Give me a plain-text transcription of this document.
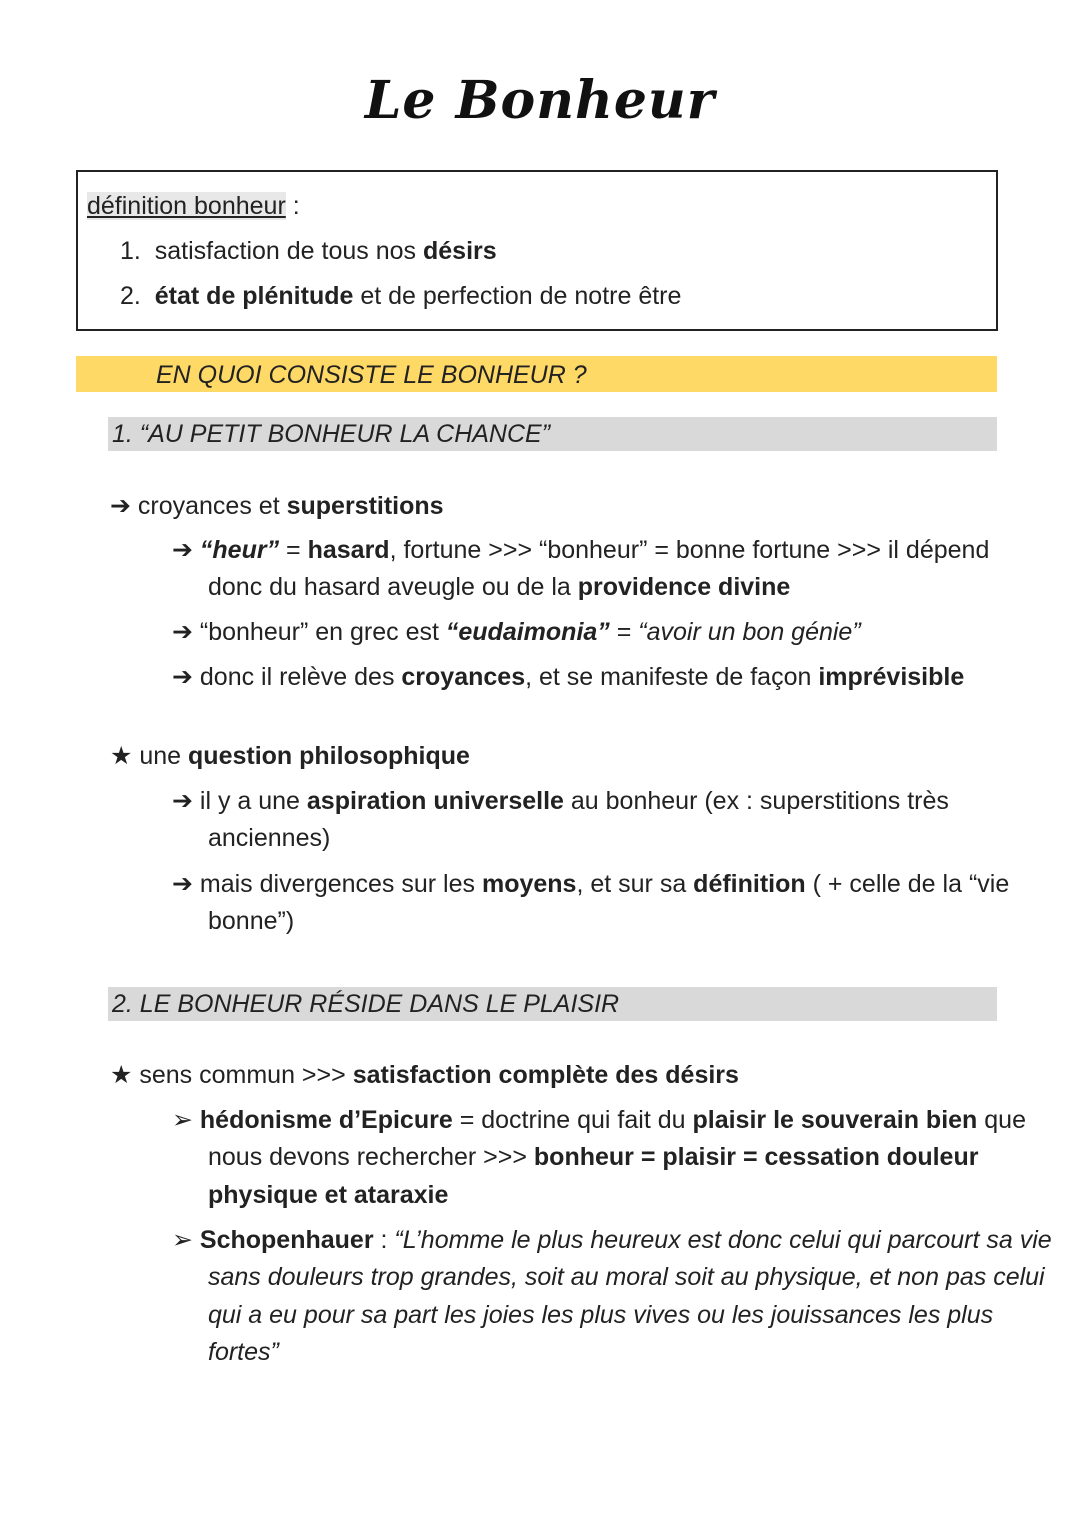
Le Bonheur
définition bonheur :
1. satisfaction de tous nos désirs
2. état de plénitude et de perfection de notre être
EN QUOI CONSISTE LE BONHEUR ?
1. “AU PETIT BONHEUR LA CHANCE”
➔ croyances et superstitions
➔ “heur” = hasard, fortune >>> “bonheur” = bonne fortune >>> il dépend
donc du hasard aveugle ou de la providence divine
➔ “bonheur” en grec est “eudaimonia” = “avoir un bon génie”
➔ donc il relève des croyances, et se manifeste de façon imprévisible
★ une question philosophique
➔ il y a une aspiration universelle au bonheur (ex : superstitions très
anciennes)
➔ mais divergences sur les moyens, et sur sa définition ( + celle de la “vie
bonne”)
2. LE BONHEUR RÉSIDE DANS LE PLAISIR
★ sens commun >>> satisfaction complète des désirs
➢ hédonisme d’Epicure = doctrine qui fait du plaisir le souverain bien que
nous devons rechercher >>> bonheur = plaisir = cessation douleur
physique et ataraxie
➢ Schopenhauer : “L’homme le plus heureux est donc celui qui parcourt sa vie
sans douleurs trop grandes, soit au moral soit au physique, et non pas celui
qui a eu pour sa part les joies les plus vives ou les jouissances les plus
fortes”
